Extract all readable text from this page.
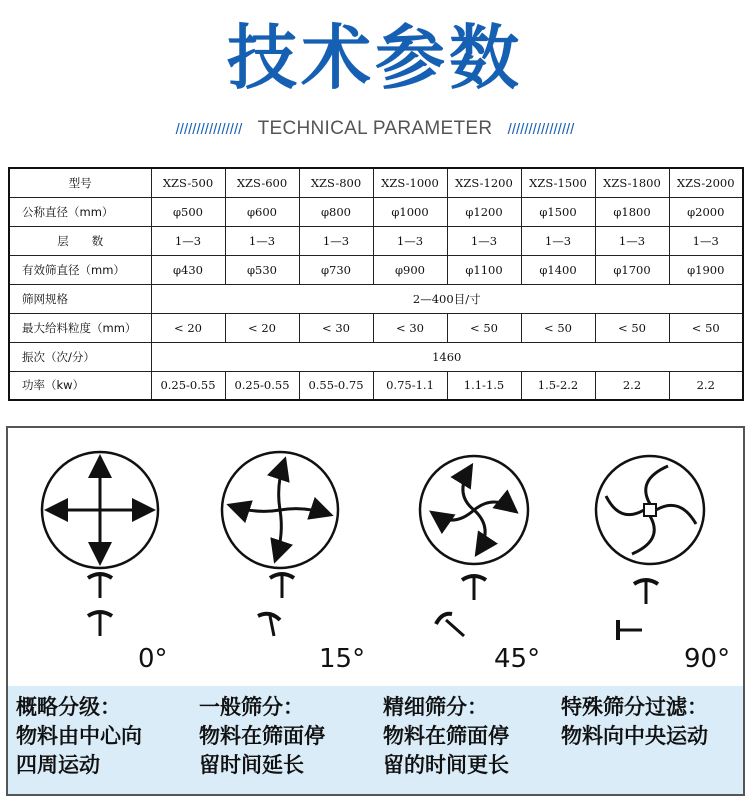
技术参数
//////////////// TECHNICAL PARAMETER ////////////////
型号	XZS-500	XZS-600	XZS-800	XZS-1000	XZS-1200	XZS-1500	XZS-1800	XZS-2000
公称直径（mm）	φ500	φ600	φ800	φ1000	φ1200	φ1500	φ1800	φ2000
层　　数	1—3	1—3	1—3	1—3	1—3	1—3	1—3	1—3
有效筛直径（mm）	φ430	φ530	φ730	φ900	φ1100	φ1400	φ1700	φ1900
筛网规格	2—400目/寸							
最大给料粒度（mm）	< 20	< 20	< 30	< 30	< 50	< 50	< 50	< 50
振次（次/分）	1460							
功率（kw）	0.25-0.55	0.25-0.55	0.55-0.75	0.75-1.1	1.1-1.5	1.5-2.2	2.2	2.2
0°	15°	45°	90°
概略分级：
物料由中心向
四周运动
一般筛分：
物料在筛面停
留时间延长
精细筛分：
物料在筛面停
留的时间更长
特殊筛分过滤：
物料向中央运动
